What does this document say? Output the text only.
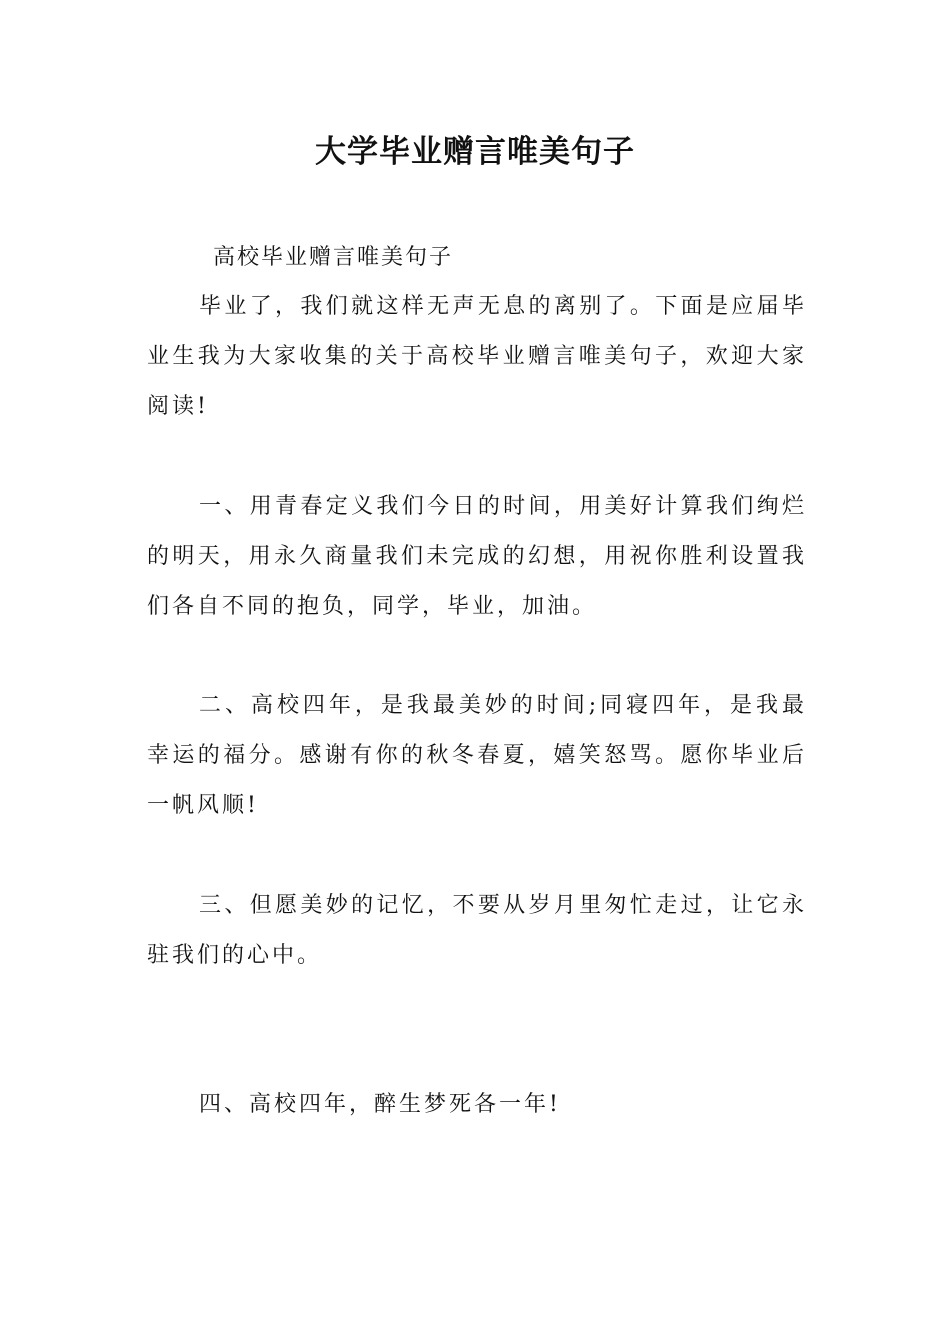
大学毕业赠言唯美句子

高校毕业赠言唯美句子

毕业了，我们就这样无声无息的离别了。下面是应届毕业生我为大家收集的关于高校毕业赠言唯美句子，欢迎大家阅读!

一、用青春定义我们今日的时间，用美好计算我们绚烂的明天，用永久商量我们未完成的幻想，用祝你胜利设置我们各自不同的抱负，同学，毕业，加油。

二、高校四年，是我最美妙的时间;同寝四年，是我最幸运的福分。感谢有你的秋冬春夏，嬉笑怒骂。愿你毕业后一帆风顺!

三、但愿美妙的记忆，不要从岁月里匆忙走过，让它永驻我们的心中。

四、高校四年，醉生梦死各一年!
